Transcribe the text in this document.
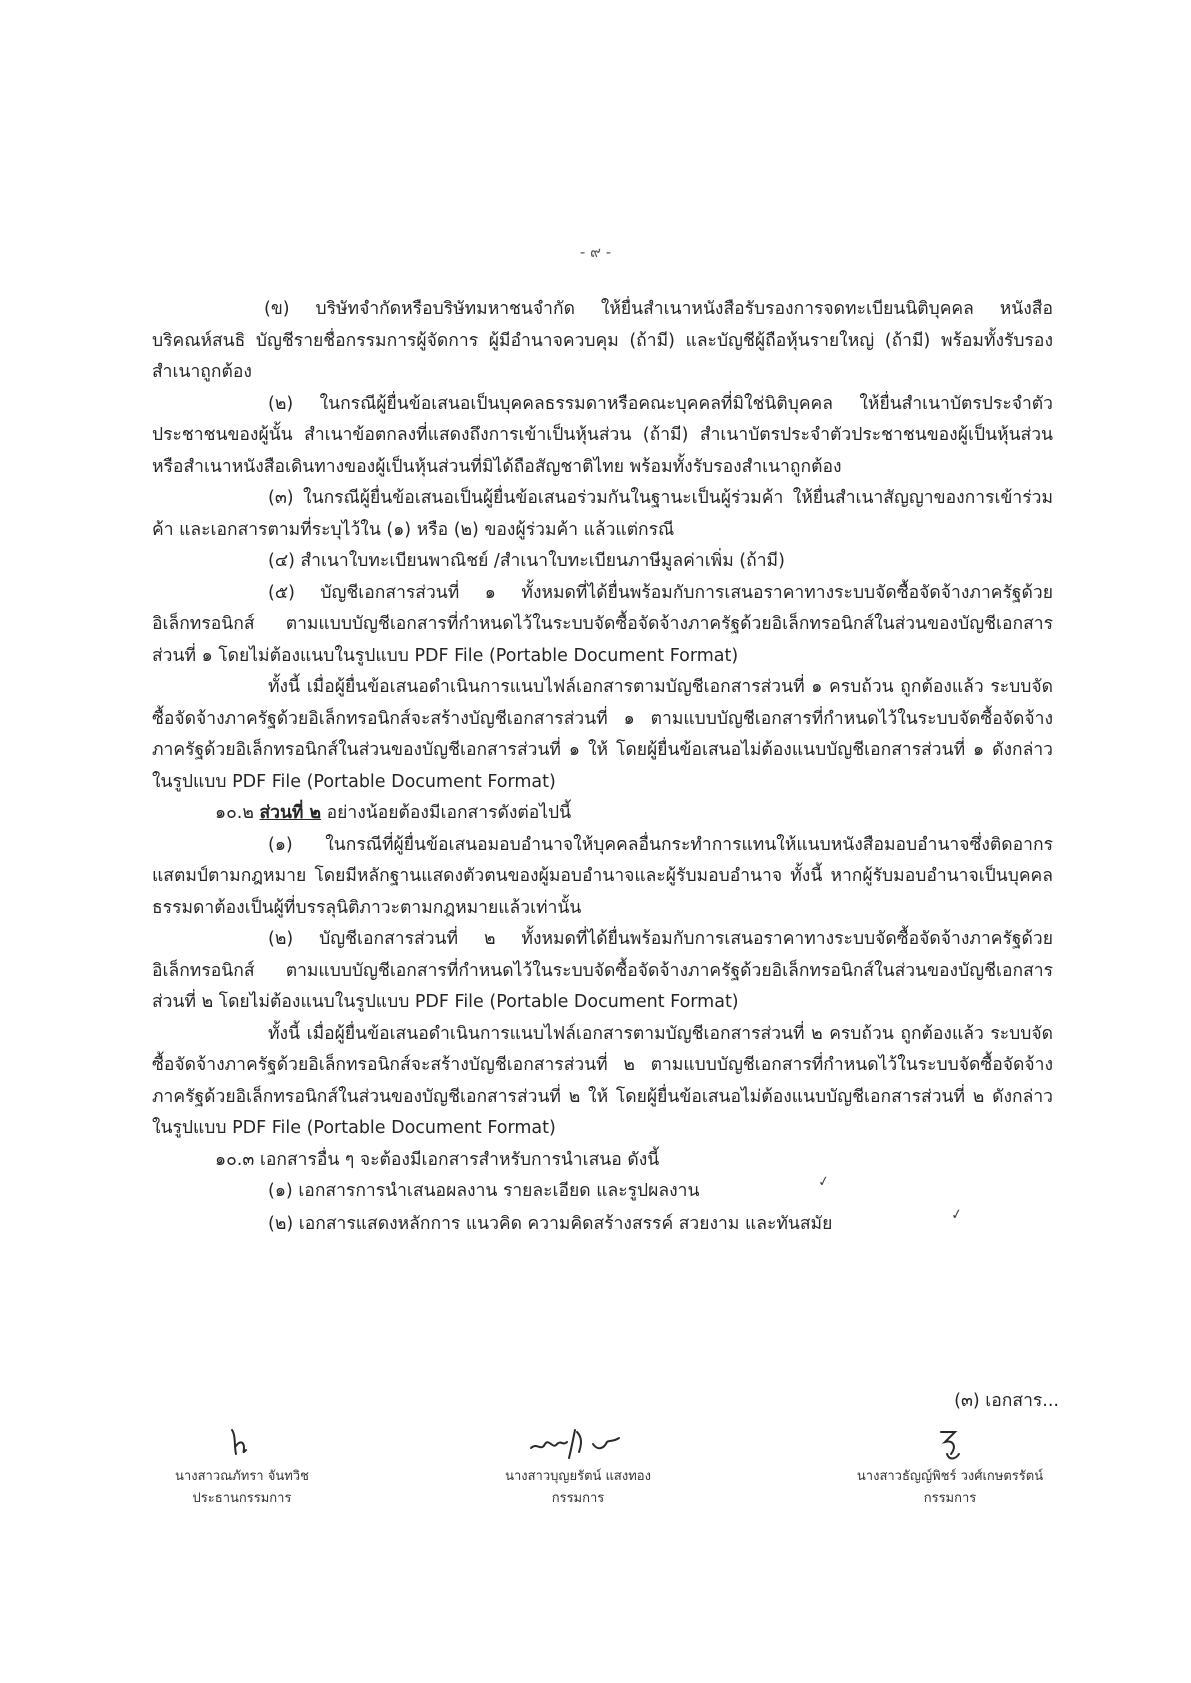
- ๙ -

(ข) บริษัทจำกัดหรือบริษัทมหาชนจำกัด ให้ยื่นสำเนาหนังสือรับรองการจดทะเบียนนิติบุคคล หนังสือบริคณห์สนธิ บัญชีรายชื่อกรรมการผู้จัดการ ผู้มีอำนาจควบคุม (ถ้ามี) และบัญชีผู้ถือหุ้นรายใหญ่ (ถ้ามี) พร้อมทั้งรับรองสำเนาถูกต้อง

(๒) ในกรณีผู้ยื่นข้อเสนอเป็นบุคคลธรรมดาหรือคณะบุคคลที่มิใช่นิติบุคคล ให้ยื่นสำเนาบัตรประจำตัวประชาชนของผู้นั้น สำเนาข้อตกลงที่แสดงถึงการเข้าเป็นหุ้นส่วน (ถ้ามี) สำเนาบัตรประจำตัวประชาชนของผู้เป็นหุ้นส่วน หรือสำเนาหนังสือเดินทางของผู้เป็นหุ้นส่วนที่มิได้ถือสัญชาติไทย พร้อมทั้งรับรองสำเนาถูกต้อง

(๓) ในกรณีผู้ยื่นข้อเสนอเป็นผู้ยื่นข้อเสนอร่วมกันในฐานะเป็นผู้ร่วมค้า ให้ยื่นสำเนาสัญญาของการเข้าร่วมค้า และเอกสารตามที่ระบุไว้ใน (๑) หรือ (๒) ของผู้ร่วมค้า แล้วแต่กรณี

(๔) สำเนาใบทะเบียนพาณิชย์ /สำเนาใบทะเบียนภาษีมูลค่าเพิ่ม (ถ้ามี)

(๕) บัญชีเอกสารส่วนที่ ๑ ทั้งหมดที่ได้ยื่นพร้อมกับการเสนอราคาทางระบบจัดซื้อจัดจ้างภาครัฐด้วยอิเล็กทรอนิกส์ ตามแบบบัญชีเอกสารที่กำหนดไว้ในระบบจัดซื้อจัดจ้างภาครัฐด้วยอิเล็กทรอนิกส์ในส่วนของบัญชีเอกสารส่วนที่ ๑ โดยไม่ต้องแนบในรูปแบบ PDF File (Portable Document Format)

ทั้งนี้ เมื่อผู้ยื่นข้อเสนอดำเนินการแนบไฟล์เอกสารตามบัญชีเอกสารส่วนที่ ๑ ครบถ้วน ถูกต้องแล้ว ระบบจัดซื้อจัดจ้างภาครัฐด้วยอิเล็กทรอนิกส์จะสร้างบัญชีเอกสารส่วนที่ ๑ ตามแบบบัญชีเอกสารที่กำหนดไว้ในระบบจัดซื้อจัดจ้างภาครัฐด้วยอิเล็กทรอนิกส์ในส่วนของบัญชีเอกสารส่วนที่ ๑ ให้ โดยผู้ยื่นข้อเสนอไม่ต้องแนบบัญชีเอกสารส่วนที่ ๑ ดังกล่าวในรูปแบบ PDF File (Portable Document Format)

๑๐.๒ ส่วนที่ ๒ อย่างน้อยต้องมีเอกสารดังต่อไปนี้

(๑) ในกรณีที่ผู้ยื่นข้อเสนอมอบอำนาจให้บุคคลอื่นกระทำการแทนให้แนบหนังสือมอบอำนาจซึ่งติดอากรแสตมป์ตามกฎหมาย โดยมีหลักฐานแสดงตัวตนของผู้มอบอำนาจและผู้รับมอบอำนาจ ทั้งนี้ หากผู้รับมอบอำนาจเป็นบุคคลธรรมดาต้องเป็นผู้ที่บรรลุนิติภาวะตามกฎหมายแล้วเท่านั้น

(๒) บัญชีเอกสารส่วนที่ ๒ ทั้งหมดที่ได้ยื่นพร้อมกับการเสนอราคาทางระบบจัดซื้อจัดจ้างภาครัฐด้วยอิเล็กทรอนิกส์ ตามแบบบัญชีเอกสารที่กำหนดไว้ในระบบจัดซื้อจัดจ้างภาครัฐด้วยอิเล็กทรอนิกส์ในส่วนของบัญชีเอกสารส่วนที่ ๒ โดยไม่ต้องแนบในรูปแบบ PDF File (Portable Document Format)

ทั้งนี้ เมื่อผู้ยื่นข้อเสนอดำเนินการแนบไฟล์เอกสารตามบัญชีเอกสารส่วนที่ ๒ ครบถ้วน ถูกต้องแล้ว ระบบจัดซื้อจัดจ้างภาครัฐด้วยอิเล็กทรอนิกส์จะสร้างบัญชีเอกสารส่วนที่ ๒ ตามแบบบัญชีเอกสารที่กำหนดไว้ในระบบจัดซื้อจัดจ้างภาครัฐด้วยอิเล็กทรอนิกส์ในส่วนของบัญชีเอกสารส่วนที่ ๒ ให้ โดยผู้ยื่นข้อเสนอไม่ต้องแนบบัญชีเอกสารส่วนที่ ๒ ดังกล่าว ในรูปแบบ PDF File (Portable Document Format)

๑๐.๓ เอกสารอื่น ๆ จะต้องมีเอกสารสำหรับการนำเสนอ ดังนี้

(๑) เอกสารการนำเสนอผลงาน รายละเอียด และรูปผลงาน	✓

(๒) เอกสารแสดงหลักการ แนวคิด ความคิดสร้างสรรค์ สวยงาม และทันสมัย	✓

(๓) เอกสาร...
นางสาวณภัทรา จันทวิช
ประธานกรรมการ
นางสาวบุญยรัตน์ แสงทอง
กรรมการ
นางสาวธัญญ์พิชร์ วงศ์เกษตรรัตน์
กรรมการ
